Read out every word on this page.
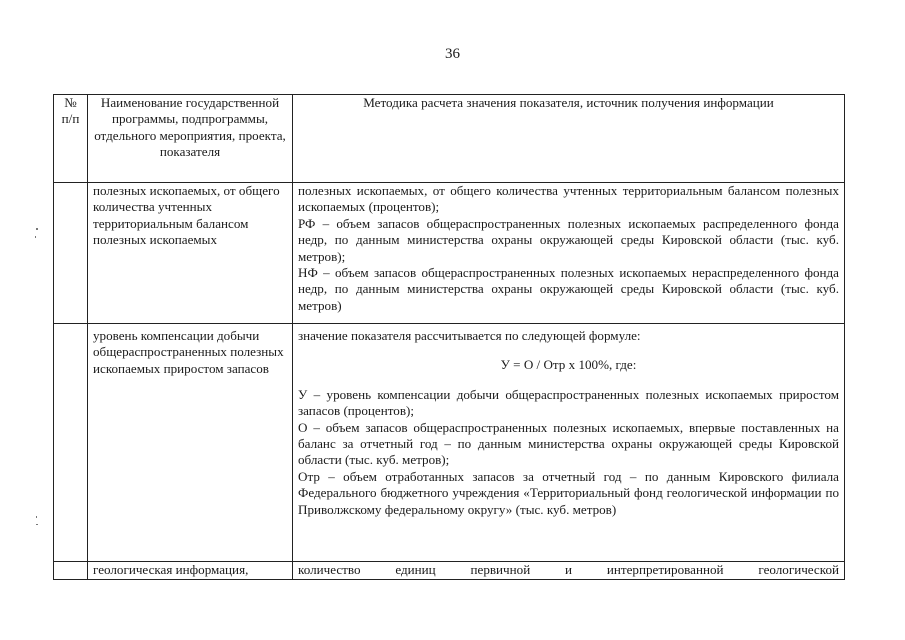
36
№ п/п	Наименование государственной программы, подпрограммы, отдельного мероприятия, проекта, показателя	Методика расчета значения показателя, источник получения информации
	полезных ископаемых, от общего количества учтенных территориальным балансом полезных ископаемых	полезных ископаемых, от общего количества учтенных территориальным балансом полезных ископаемых (процентов);

РФ – объем запасов общераспространенных полезных ископаемых распределенного фонда недр, по данным министерства охраны окружающей среды Кировской области (тыс. куб. метров);

НФ – объем запасов общераспространенных полезных ископаемых нераспределенного фонда недр, по данным министерства охраны окружающей среды Кировской области (тыс. куб. метров)

	уровень компенсации добычи общераспространенных полезных ископаемых приростом запасов	значение показателя рассчитывается по следующей формуле:

У = О / Отр х 100%, где:

У – уровень компенсации добычи общераспространенных полезных ископаемых приростом запасов (процентов);

О – объем запасов общераспространенных полезных ископаемых, впервые поставленных на баланс за отчетный год – по данным министерства охраны окружающей среды Кировской области (тыс. куб. метров);

Отр – объем отработанных запасов за отчетный год – по данным Кировского филиала Федерального бюджетного учреждения «Территориальный фонд геологической информации по Приволжскому федеральному округу» (тыс. куб. метров)

	геологическая информация,	количество единиц первичной и интерпретированной геологической
